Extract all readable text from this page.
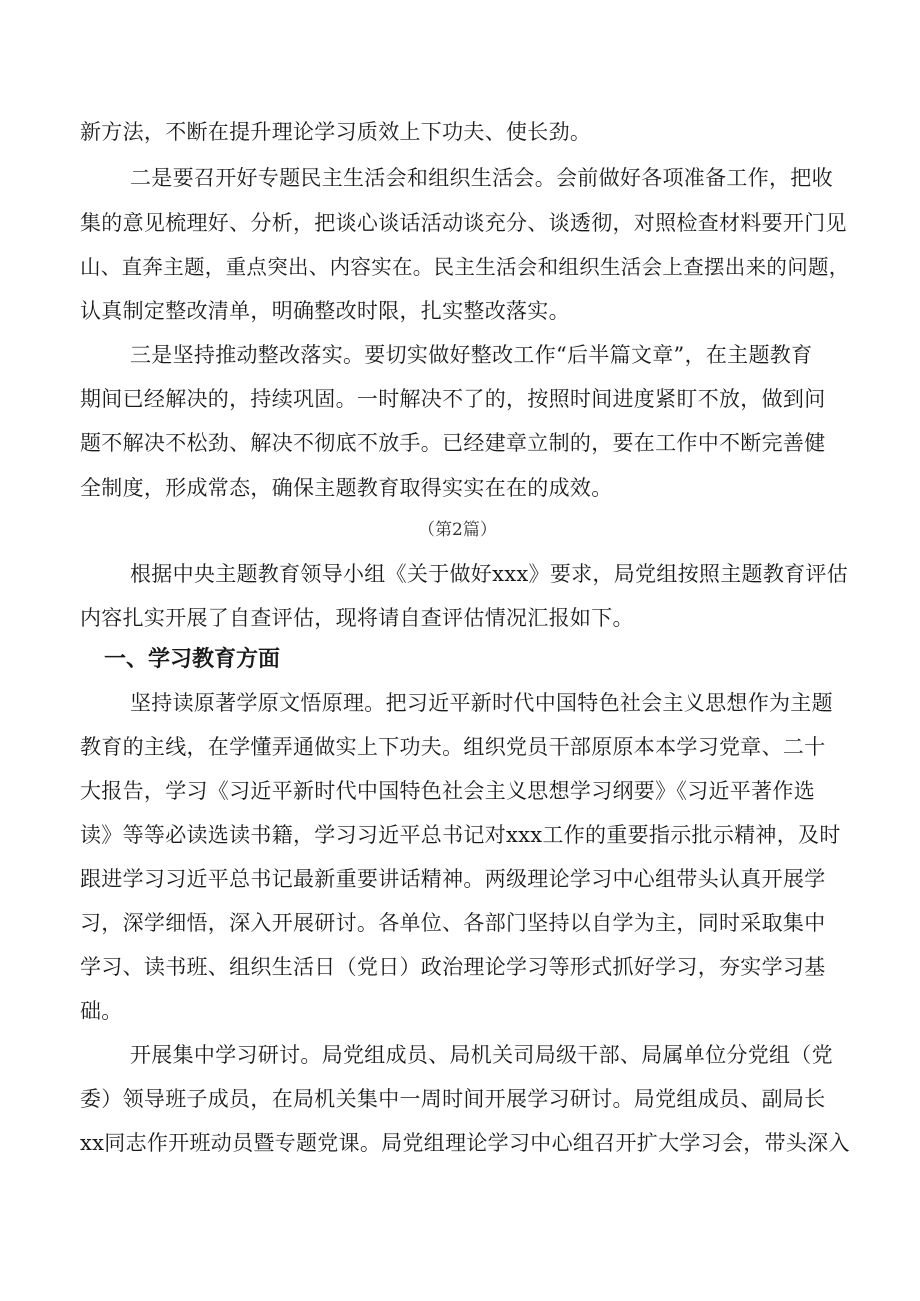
新方法，不断在提升理论学习质效上下功夫、使长劲。
二是要召开好专题民主生活会和组织生活会。会前做好各项准备工作，把收
集的意见梳理好、分析，把谈心谈话活动谈充分、谈透彻，对照检查材料要开门见
山、直奔主题，重点突出、内容实在。民主生活会和组织生活会上查摆出来的问题，
认真制定整改清单，明确整改时限，扎实整改落实。
三是坚持推动整改落实。要切实做好整改工作“后半篇文章”，在主题教育
期间已经解决的，持续巩固。一时解决不了的，按照时间进度紧盯不放，做到问
题不解决不松劲、解决不彻底不放手。已经建章立制的，要在工作中不断完善健
全制度，形成常态，确保主题教育取得实实在在的成效。
（第2篇）
根据中央主题教育领导小组《关于做好xxx》要求，局党组按照主题教育评估
内容扎实开展了自查评估，现将请自查评估情况汇报如下。
一、学习教育方面
坚持读原著学原文悟原理。把习近平新时代中国特色社会主义思想作为主题
教育的主线，在学懂弄通做实上下功夫。组织党员干部原原本本学习党章、二十
大报告，学习《习近平新时代中国特色社会主义思想学习纲要》《习近平著作选
读》等等必读选读书籍，学习习近平总书记对xxx工作的重要指示批示精神，及时
跟进学习习近平总书记最新重要讲话精神。两级理论学习中心组带头认真开展学
习，深学细悟，深入开展研讨。各单位、各部门坚持以自学为主，同时采取集中
学习、读书班、组织生活日（党日）政治理论学习等形式抓好学习，夯实学习基
础。
开展集中学习研讨。局党组成员、局机关司局级干部、局属单位分党组（党
委）领导班子成员，在局机关集中一周时间开展学习研讨。局党组成员、副局长
xx同志作开班动员暨专题党课。局党组理论学习中心组召开扩大学习会，带头深入
